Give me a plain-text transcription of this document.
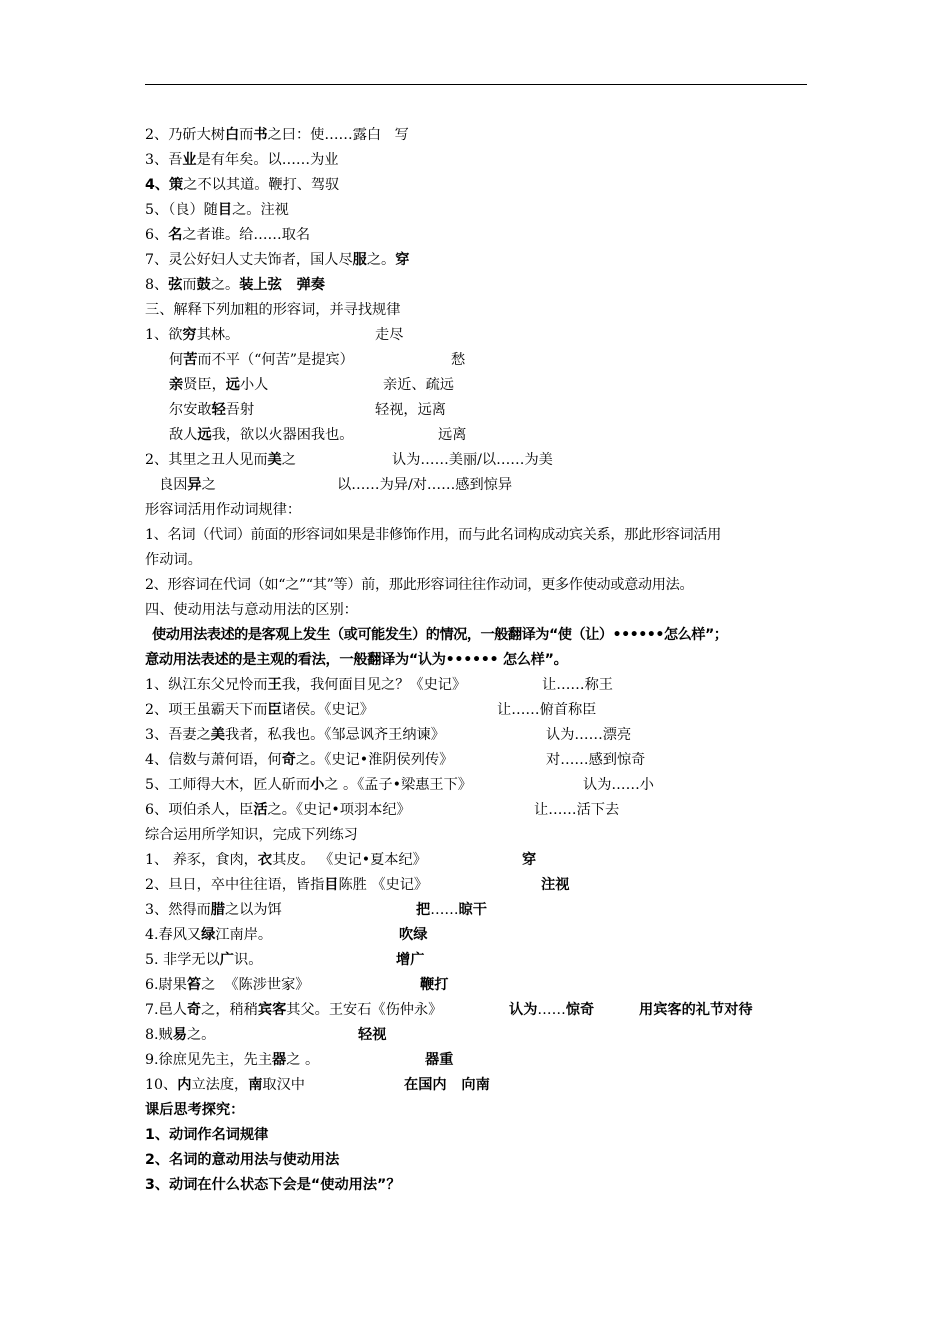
2、乃斫大树白而书之曰：使……露白   写
3、吾业是有年矣。以……为业
4、策之不以其道。鞭打、驾驭
5、（良）随目之。注视
6、名之者谁。给……取名
7、灵公好妇人丈夫饰者，国人尽服之。穿
8、弦而鼓之。装上弦   弹奏
三、解释下列加粗的形容词，并寻找规律
1、欲穷其林。	走尽
何苦而不平（“何苦”是提宾）	愁
亲贤臣，远小人	亲近、疏远
尔安敢轻吾射	轻视，远离
敌人远我，欲以火器困我也。	远离
2、其里之丑人见而美之	认为……美丽/以……为美
良因异之	以……为异/对……感到惊异
形容词活用作动词规律：
1、名词（代词）前面的形容词如果是非修饰作用，而与此名词构成动宾关系，那此形容词活用
作动词。
2、形容词在代词（如“之”“其”等）前，那此形容词往往作动词，更多作使动或意动用法。
四、使动用法与意动用法的区别：
使动用法表述的是客观上发生（或可能发生）的情况，一般翻译为“使（让）••••••怎么样”；
意动用法表述的是主观的看法，一般翻译为“认为•••••• 怎么样”。
1、纵江东父兄怜而王我，我何面目见之？《史记》	让……称王
2、项王虽霸天下而臣诸侯。《史记》	让……俯首称臣
3、吾妻之美我者，私我也。《邹忌讽齐王纳谏》	认为……漂亮
4、信数与萧何语，何奇之。《史记•淮阴侯列传》	对……感到惊奇
5、工师得大木，匠人斫而小之 。《孟子•梁惠王下》	认为……小
6、项伯杀人，臣活之。《史记•项羽本纪》	让……活下去
综合运用所学知识，完成下列练习
1、 养豕，食肉，衣其皮。 《史记•夏本纪》	穿
2、旦日，卒中往往语，皆指目陈胜 《史记》	注视
3、然得而腊之以为饵	把……晾干
4.春风又绿江南岸。	吹绿
5. 非学无以广识。	增广
6.尉果笞之  《陈涉世家》	鞭打
7.邑人奇之，稍稍宾客其父。王安石《伤仲永》	认为……惊奇	用宾客的礼节对待
8.贼易之。	轻视
9.徐庶见先主，先主器之 。	器重
10、内立法度，南取汉中	在国内   向南
课后思考探究：
1、动词作名词规律
2、名词的意动用法与使动用法
3、动词在什么状态下会是“使动用法”？
